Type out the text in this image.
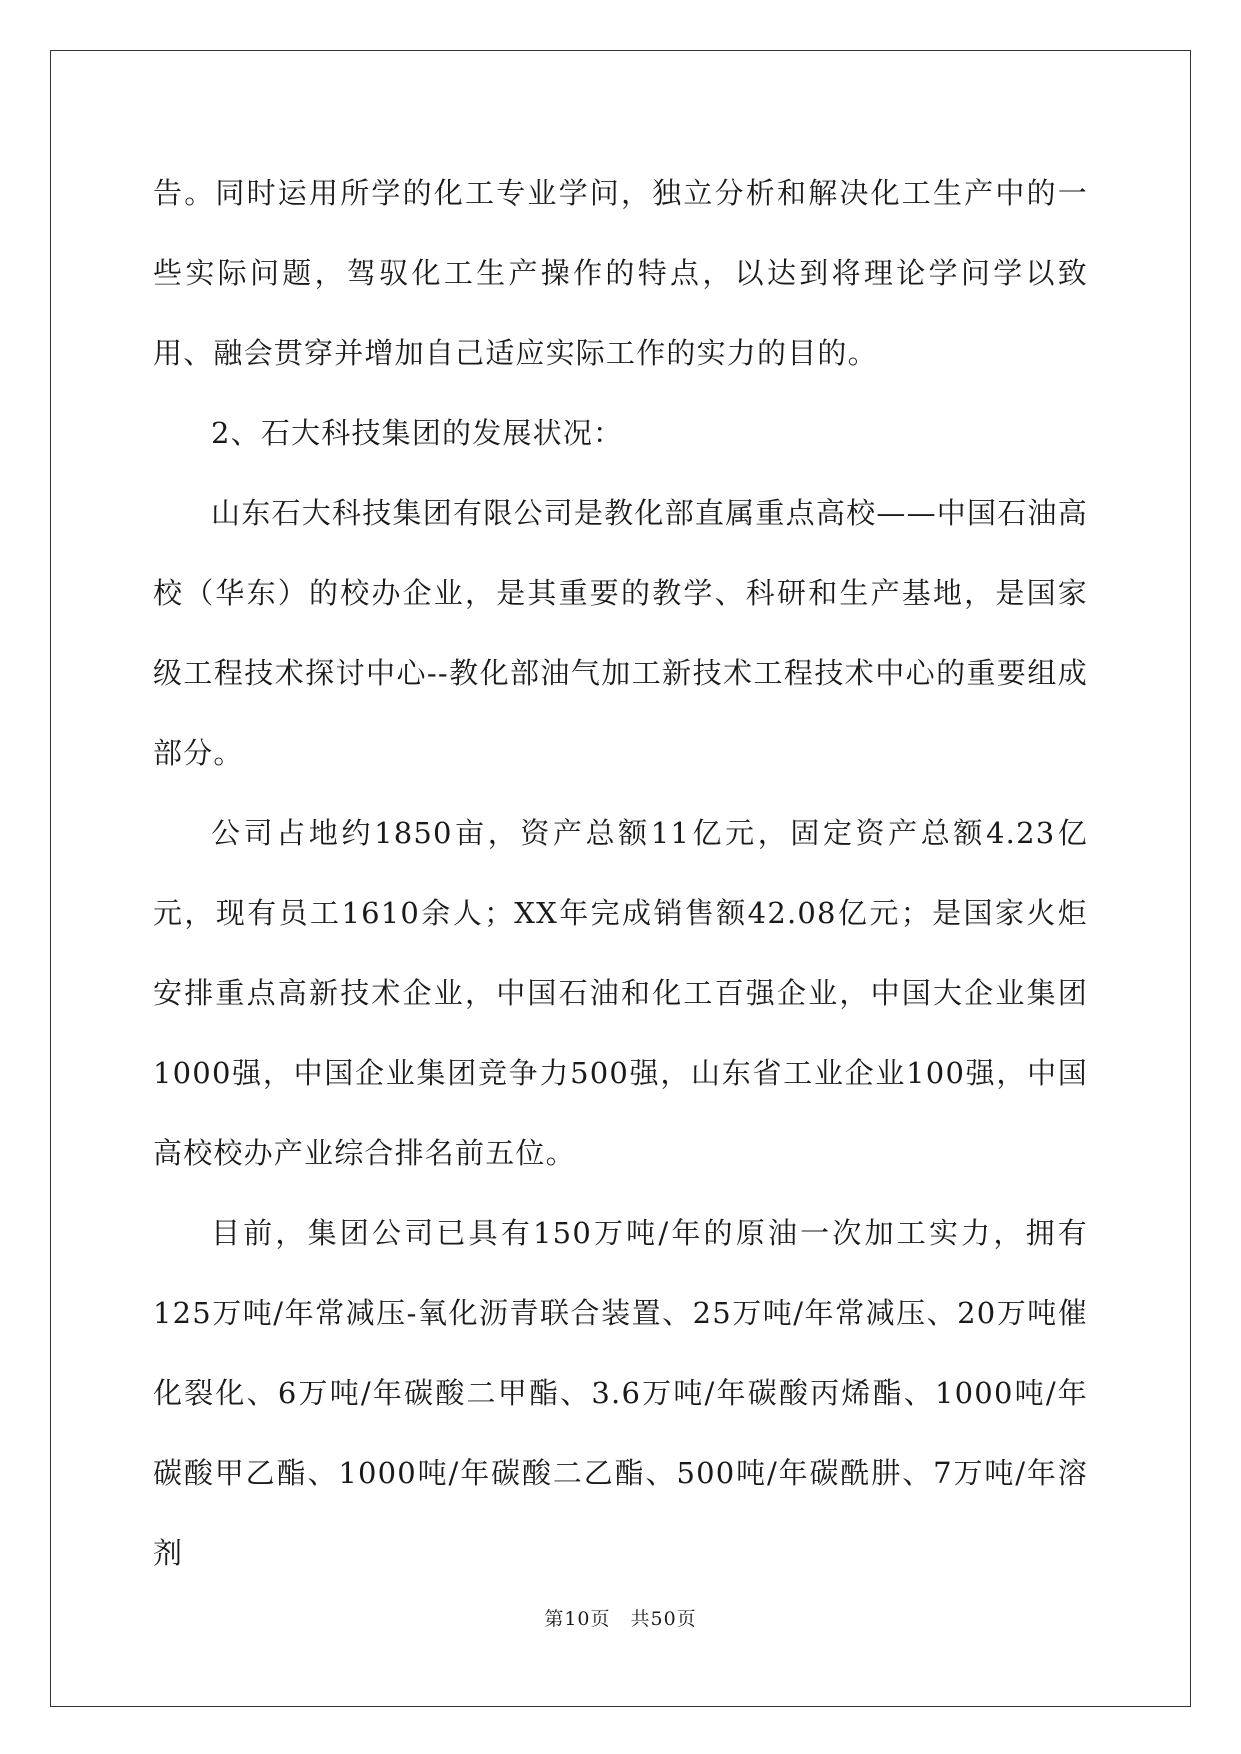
告。同时运用所学的化工专业学问，独立分析和解决化工生产中的一些实际问题，驾驭化工生产操作的特点，以达到将理论学问学以致用、融会贯穿并增加自己适应实际工作的实力的目的。

2、石大科技集团的发展状况：

山东石大科技集团有限公司是教化部直属重点高校——中国石油高校（华东）的校办企业，是其重要的教学、科研和生产基地，是国家级工程技术探讨中心--教化部油气加工新技术工程技术中心的重要组成部分。

公司占地约1850亩，资产总额11亿元，固定资产总额4.23亿元，现有员工1610余人；XX年完成销售额42.08亿元；是国家火炬安排重点高新技术企业，中国石油和化工百强企业，中国大企业集团1000强，中国企业集团竞争力500强，山东省工业企业100强，中国高校校办产业综合排名前五位。

目前，集团公司已具有150万吨/年的原油一次加工实力，拥有125万吨/年常减压-氧化沥青联合装置、25万吨/年常减压、20万吨催化裂化、6万吨/年碳酸二甲酯、3.6万吨/年碳酸丙烯酯、1000吨/年碳酸甲乙酯、1000吨/年碳酸二乙酯、500吨/年碳酰肼、7万吨/年溶剂

第10页　共50页
